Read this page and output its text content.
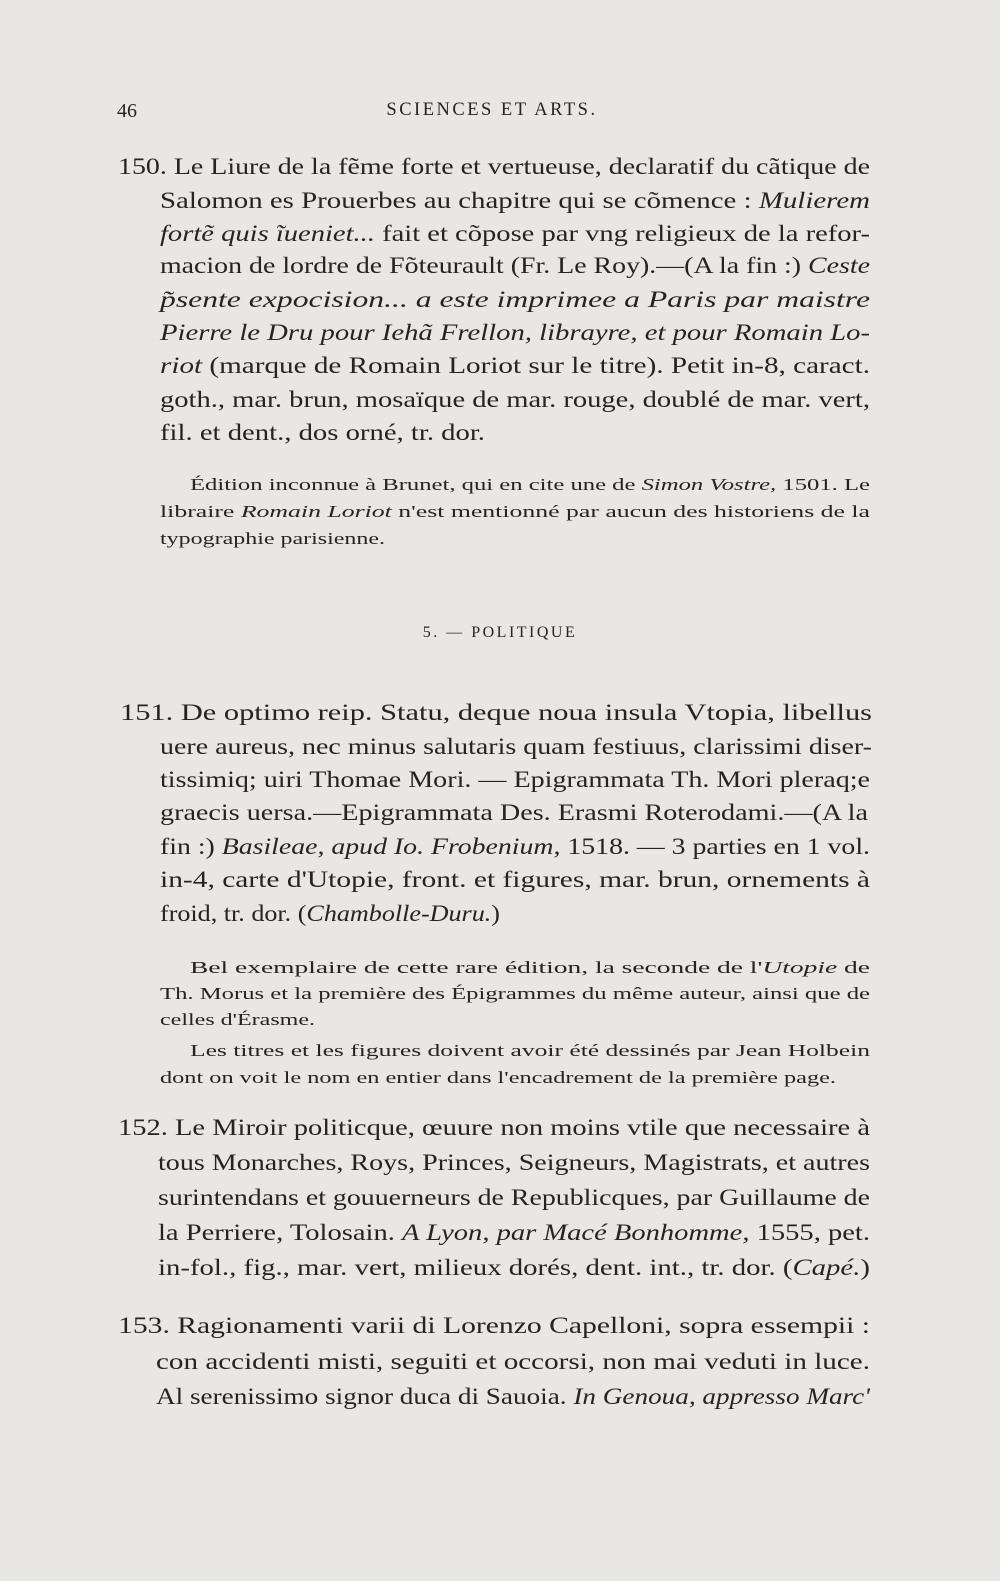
46	SCIENCES ET ARTS.
5. — POLITIQUE
150. Le Liure de la fẽme forte et vertueuse, declaratif du cãtique de
Salomon es Prouerbes au chapitre qui se cõmence : Mulierem
fortẽ quis ĩueniet... fait et cõpose par vng religieux de la refor-
macion de lordre de Fõteurault (Fr. Le Roy).—(A la fin :) Ceste
p̃sente expocision... a este imprimee a Paris par maistre
Pierre le Dru pour Iehã Frellon, librayre, et pour Romain Lo-
riot (marque de Romain Loriot sur le titre). Petit in-8, caract.
goth., mar. brun, mosaïque de mar. rouge, doublé de mar. vert,
fil. et dent., dos orné, tr. dor.
Édition inconnue à Brunet, qui en cite une de Simon Vostre, 1501. Le
libraire Romain Loriot n'est mentionné par aucun des historiens de la
typographie parisienne.
151. De optimo reip. Statu, deque noua insula Vtopia, libellus
uere aureus, nec minus salutaris quam festiuus, clarissimi diser-
tissimiq; uiri Thomae Mori. — Epigrammata Th. Mori pleraq;e
graecis uersa.—Epigrammata Des. Erasmi Roterodami.—(A la
fin :) Basileae, apud Io. Frobenium, 1518. — 3 parties en 1 vol.
in-4, carte d'Utopie, front. et figures, mar. brun, ornements à
froid, tr. dor. (Chambolle-Duru.)
Bel exemplaire de cette rare édition, la seconde de l'Utopie de
Th. Morus et la première des Épigrammes du même auteur, ainsi que de
celles d'Érasme.
Les titres et les figures doivent avoir été dessinés par Jean Holbein
dont on voit le nom en entier dans l'encadrement de la première page.
152. Le Miroir politicque, œuure non moins vtile que necessaire à
tous Monarches, Roys, Princes, Seigneurs, Magistrats, et autres
surintendans et gouuerneurs de Republicques, par Guillaume de
la Perriere, Tolosain. A Lyon, par Macé Bonhomme, 1555, pet.
in-fol., fig., mar. vert, milieux dorés, dent. int., tr. dor. (Capé.)
153. Ragionamenti varii di Lorenzo Capelloni, sopra essempii :
con accidenti misti, seguiti et occorsi, non mai veduti in luce.
Al serenissimo signor duca di Sauoia. In Genoua, appresso Marc'
